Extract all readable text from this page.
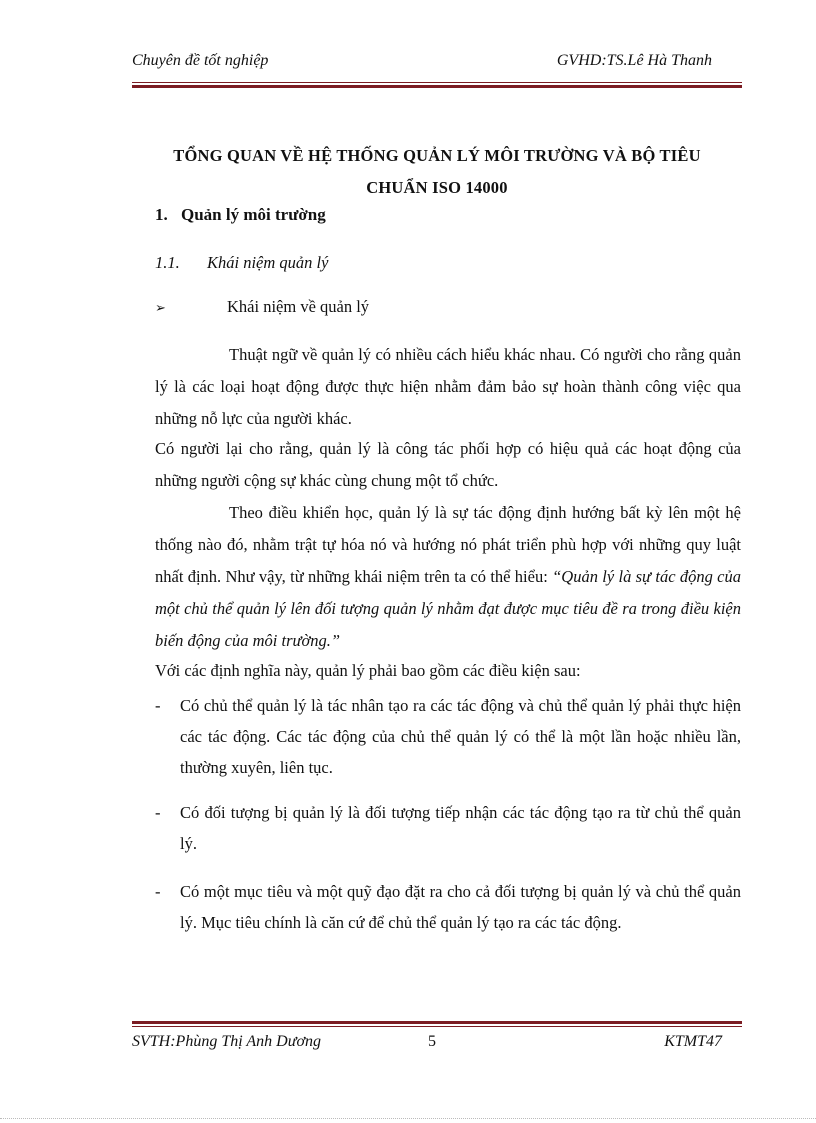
Chuyên đề tốt nghiệp	GVHD:TS.Lê Hà Thanh
TỔNG QUAN VỀ HỆ THỐNG QUẢN LÝ MÔI TRƯỜNG VÀ BỘ TIÊU
CHUẨN ISO 14000
1. Quản lý môi trường
1.1. Khái niệm quản lý
➢	Khái niệm về quản lý
Thuật ngữ về quản lý có nhiều cách hiểu khác nhau. Có người cho rằng quản lý là các loại hoạt động được thực hiện nhằm đảm bảo sự hoàn thành công việc qua những nỗ lực của người khác.
Có người lại cho rằng, quản lý là công tác phối hợp có hiệu quả các hoạt động của những người cộng sự khác cùng chung một tổ chức.
Theo điều khiển học, quản lý là sự tác động định hướng bất kỳ lên một hệ thống nào đó, nhằm trật tự hóa nó và hướng nó phát triển phù hợp với những quy luật nhất định. Như vậy, từ những khái niệm trên ta có thể hiểu: “Quản lý là sự tác động của một chủ thể quản lý lên đối tượng quản lý nhằm đạt được mục tiêu đề ra trong điều kiện biến động của môi trường.”
Với các định nghĩa này, quản lý phải bao gồm các điều kiện sau:
-	Có chủ thể quản lý là tác nhân tạo ra các tác động và chủ thể quản lý phải thực hiện các tác động. Các tác động của chủ thể quản lý có thể là một lần hoặc nhiều lần, thường xuyên, liên tục.
-	Có đối tượng bị quản lý là đối tượng tiếp nhận các tác động tạo ra từ chủ thể quản lý.
-	Có một mục tiêu và một quỹ đạo đặt ra cho cả đối tượng bị quản lý và chủ thể quản lý. Mục tiêu chính là căn cứ để chủ thể quản lý tạo ra các tác động.
SVTH:Phùng Thị Anh Dương	5	KTMT47
